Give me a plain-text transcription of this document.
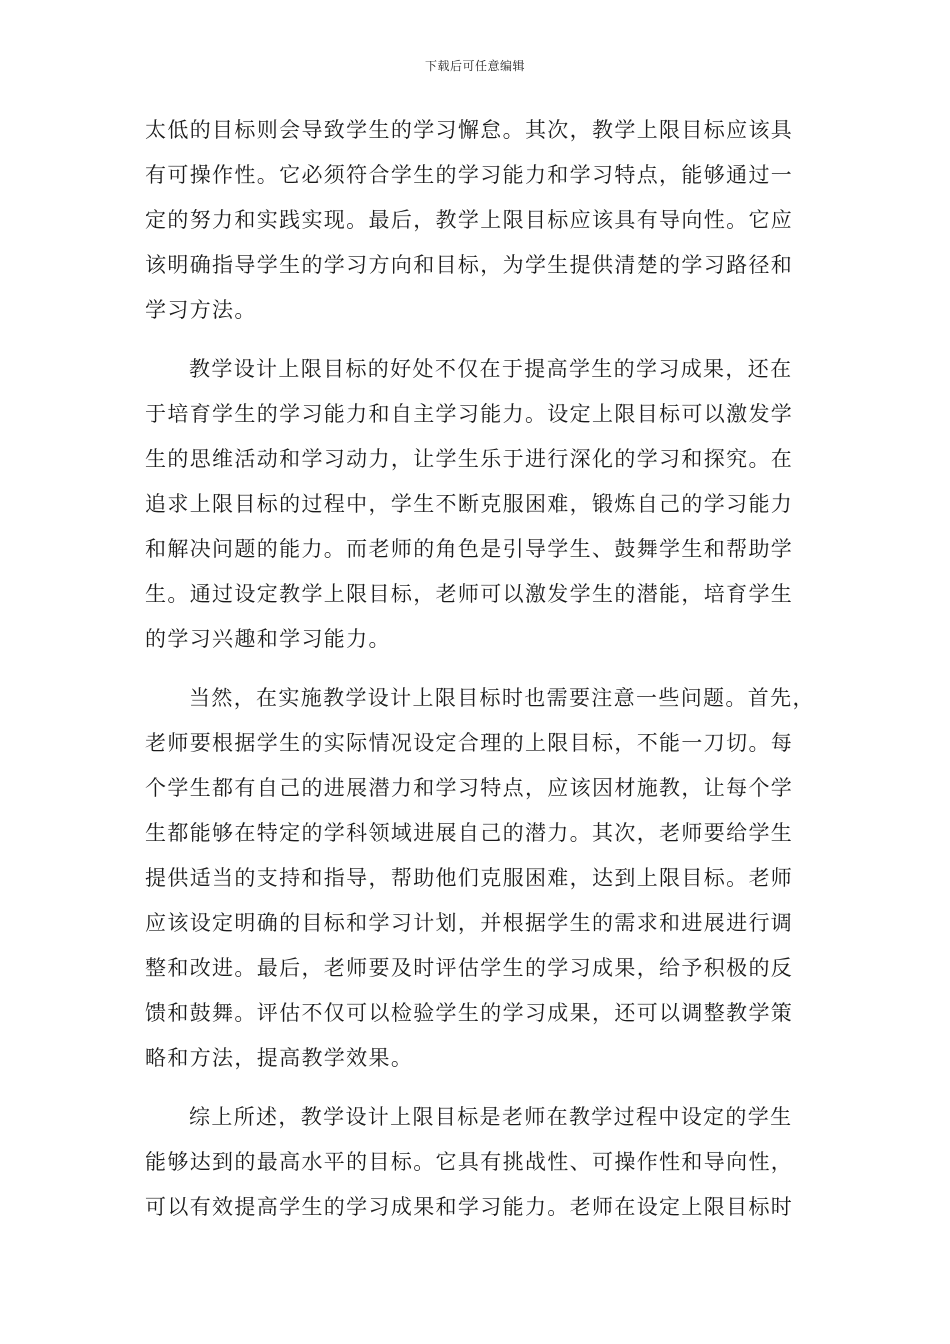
下载后可任意编辑
太低的目标则会导致学生的学习懈怠。其次，教学上限目标应该具
有可操作性。它必须符合学生的学习能力和学习特点，能够通过一
定的努力和实践实现。最后，教学上限目标应该具有导向性。它应
该明确指导学生的学习方向和目标，为学生提供清楚的学习路径和
学习方法。
教学设计上限目标的好处不仅在于提高学生的学习成果，还在
于培育学生的学习能力和自主学习能力。设定上限目标可以激发学
生的思维活动和学习动力，让学生乐于进行深化的学习和探究。在
追求上限目标的过程中，学生不断克服困难，锻炼自己的学习能力
和解决问题的能力。而老师的角色是引导学生、鼓舞学生和帮助学
生。通过设定教学上限目标，老师可以激发学生的潜能，培育学生
的学习兴趣和学习能力。
当然，在实施教学设计上限目标时也需要注意一些问题。首先，
老师要根据学生的实际情况设定合理的上限目标，不能一刀切。每
个学生都有自己的进展潜力和学习特点，应该因材施教，让每个学
生都能够在特定的学科领域进展自己的潜力。其次，老师要给学生
提供适当的支持和指导，帮助他们克服困难，达到上限目标。老师
应该设定明确的目标和学习计划，并根据学生的需求和进展进行调
整和改进。最后，老师要及时评估学生的学习成果，给予积极的反
馈和鼓舞。评估不仅可以检验学生的学习成果，还可以调整教学策
略和方法，提高教学效果。
综上所述，教学设计上限目标是老师在教学过程中设定的学生
能够达到的最高水平的目标。它具有挑战性、可操作性和导向性，
可以有效提高学生的学习成果和学习能力。老师在设定上限目标时
